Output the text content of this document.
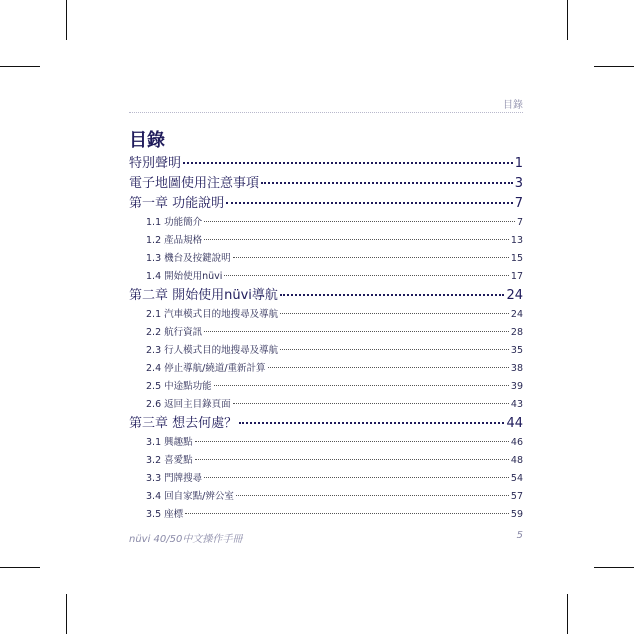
目錄
目錄
特別聲明	1
電子地圖使用注意事項	3
第一章 功能說明	7
1.1 功能簡介	7
1.2 產品規格	13
1.3 機台及按鍵說明	15
1.4 開始使用nüvi	17
第二章 開始使用nüvi導航	24
2.1 汽車模式目的地搜尋及導航	24
2.2 航行資訊	28
2.3 行人模式目的地搜尋及導航	35
2.4 停止導航/繞道/重新計算	38
2.5 中途點功能	39
2.6 返回主目錄頁面	43
第三章 想去何處？	44
3.1 興趣點	46
3.2 喜愛點	48
3.3 門牌搜尋	54
3.4 回自家點/辨公室	57
3.5 座標	59
nüvi 40/50中文操作手冊	5
